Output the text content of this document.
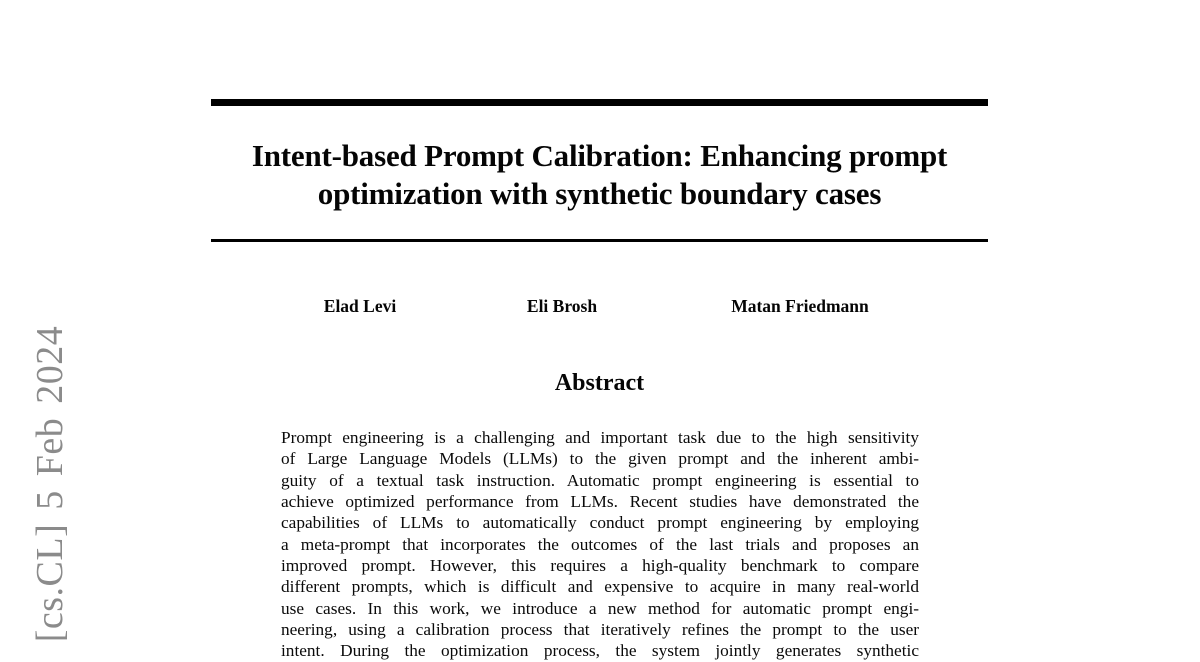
[cs.CL] 5 Feb 2024
Intent-based Prompt Calibration: Enhancing prompt
optimization with synthetic boundary cases
Elad Levi	Eli Brosh	Matan Friedmann
Abstract
Prompt engineering is a challenging and important task due to the high sensitivity
of Large Language Models (LLMs) to the given prompt and the inherent ambi-
guity of a textual task instruction. Automatic prompt engineering is essential to
achieve optimized performance from LLMs. Recent studies have demonstrated the
capabilities of LLMs to automatically conduct prompt engineering by employing
a meta-prompt that incorporates the outcomes of the last trials and proposes an
improved prompt. However, this requires a high-quality benchmark to compare
different prompts, which is difficult and expensive to acquire in many real-world
use cases. In this work, we introduce a new method for automatic prompt engi-
neering, using a calibration process that iteratively refines the prompt to the user
intent. During the optimization process, the system jointly generates synthetic
